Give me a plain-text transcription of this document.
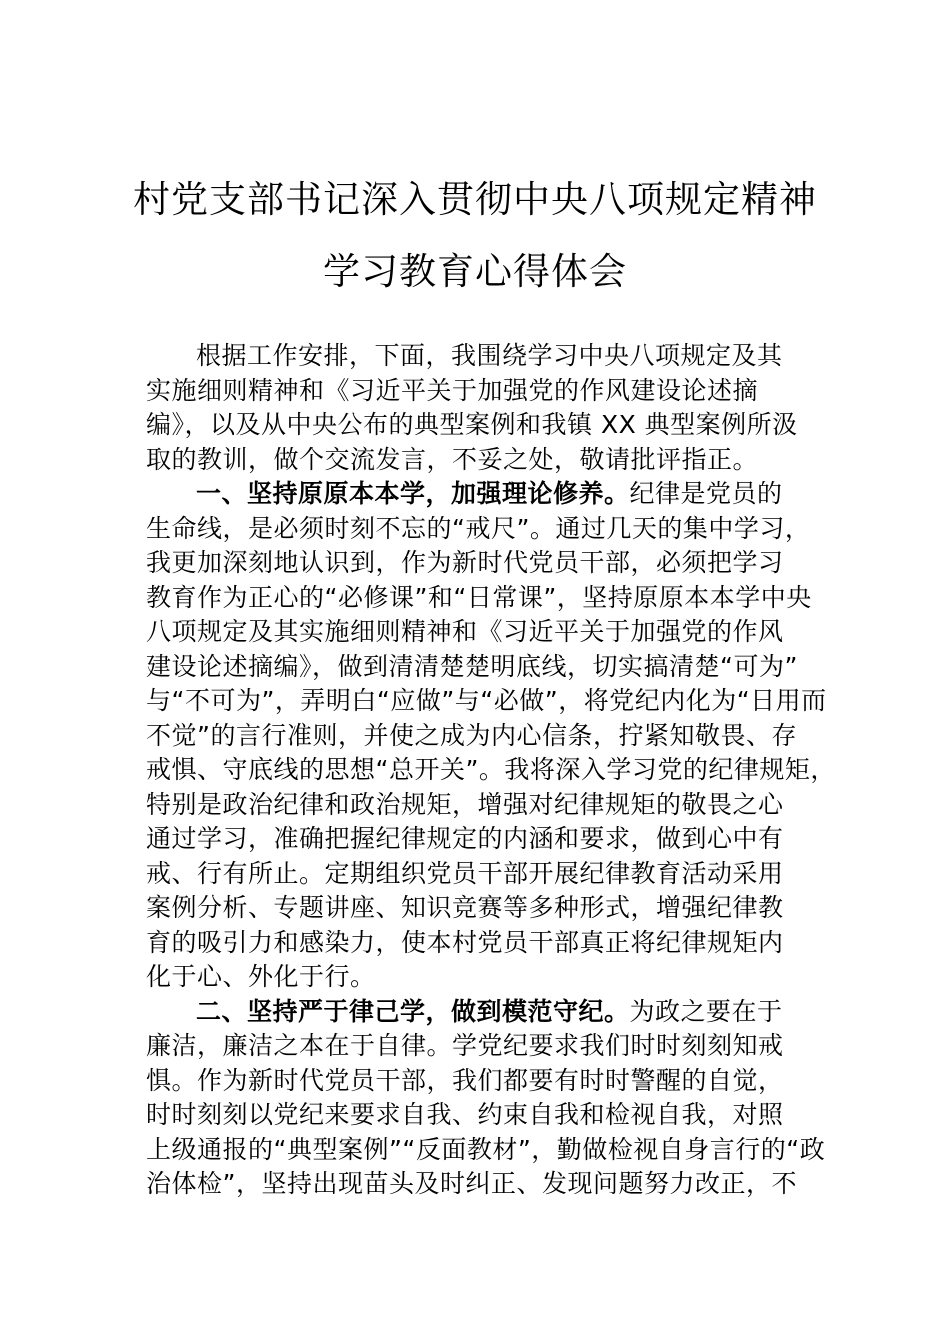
村党支部书记深入贯彻中央八项规定精神
学习教育心得体会
根据工作安排，下面，我围绕学习中央八项规定及其
实施细则精神和《习近平关于加强党的作风建设论述摘
编》，以及从中央公布的典型案例和我镇 XX 典型案例所汲
取的教训，做个交流发言，不妥之处，敬请批评指正。
一、坚持原原本本学，加强理论修养。纪律是党员的
生命线，是必须时刻不忘的“戒尺”。通过几天的集中学习，
我更加深刻地认识到，作为新时代党员干部，必须把学习
教育作为正心的“必修课”和“日常课”，坚持原原本本学中央
八项规定及其实施细则精神和《习近平关于加强党的作风
建设论述摘编》，做到清清楚楚明底线，切实搞清楚“可为”
与“不可为”，弄明白“应做”与“必做”，将党纪内化为“日用而
不觉”的言行准则，并使之成为内心信条，拧紧知敬畏、存
戒惧、守底线的思想“总开关”。我将深入学习党的纪律规矩，
特别是政治纪律和政治规矩，增强对纪律规矩的敬畏之心
通过学习，准确把握纪律规定的内涵和要求，做到心中有
戒、行有所止。定期组织党员干部开展纪律教育活动采用
案例分析、专题讲座、知识竞赛等多种形式，增强纪律教
育的吸引力和感染力，使本村党员干部真正将纪律规矩内
化于心、外化于行。
二、坚持严于律己学，做到模范守纪。为政之要在于
廉洁，廉洁之本在于自律。学党纪要求我们时时刻刻知戒
惧。作为新时代党员干部，我们都要有时时警醒的自觉，
时时刻刻以党纪来要求自我、约束自我和检视自我，对照
上级通报的“典型案例”“反面教材”，勤做检视自身言行的“政
治体检”，坚持出现苗头及时纠正、发现问题努力改正，不
